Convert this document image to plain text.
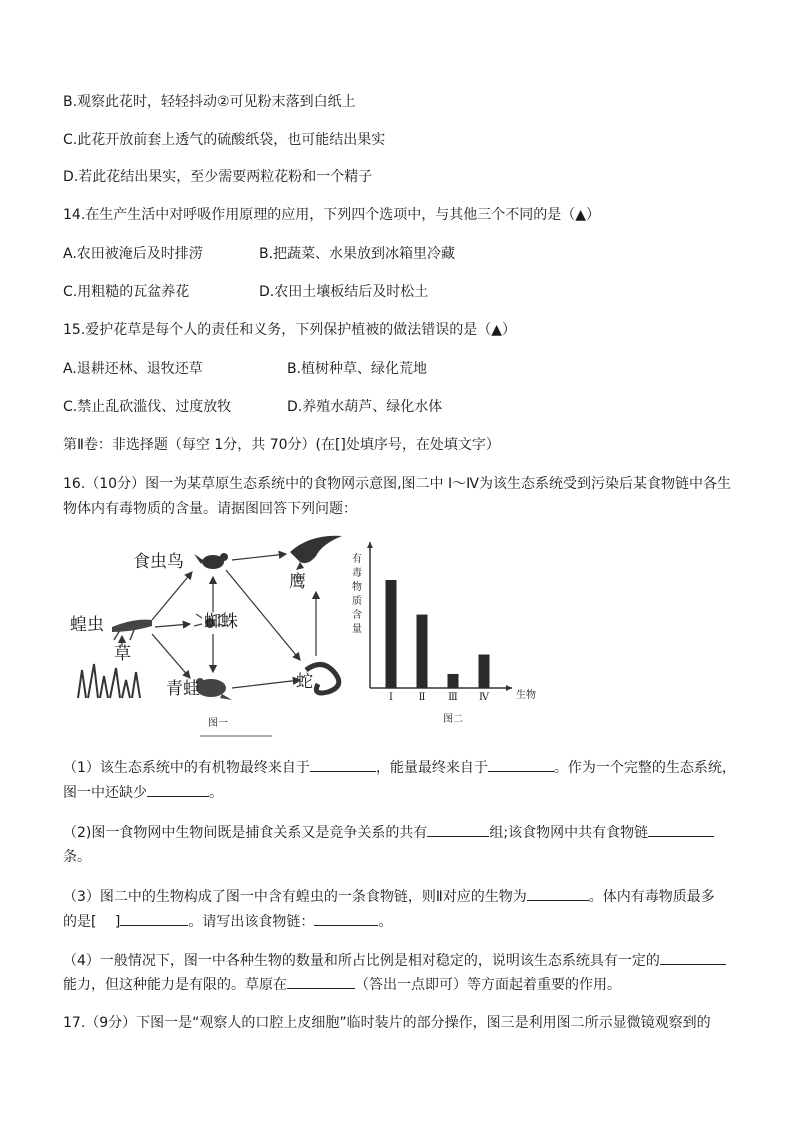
B.观察此花时，轻轻抖动②可见粉末落到白纸上
C.此花开放前套上透气的硫酸纸袋，也可能结出果实
D.若此花结出果实，至少需要两粒花粉和一个精子
14.在生产生活中对呼吸作用原理的应用，下列四个选项中，与其他三个不同的是（▲）
A.农田被淹后及时排涝	B.把蔬菜、水果放到冰箱里冷藏
C.用粗糙的瓦盆养花	D.农田土壤板结后及时松土
15.爱护花草是每个人的责任和义务，下列保护植被的做法错误的是（▲）
A.退耕还林、退牧还草	B.植树种草、绿化荒地
C.禁止乱砍滥伐、过度放牧	D.养殖水葫芦、绿化水体
第Ⅱ卷：非选择题（每空 1分，共 70分）(在[]处填序号，在处填文字）
16.（10分）图一为某草原生态系统中的食物网示意图,图二中 I～Ⅳ为该生态系统受到污染后某食物链中各生
物体内有毒物质的含量。请据图回答下列问题：
食虫鸟
鹰
蝗虫	蜘蛛
草
青蛙	蛇
图一
有毒物质含量
生物
Ⅰ	Ⅱ Ⅲ Ⅳ
图二
（1）该生态系统中的有机物最终来自于	，能量最终来自于	。作为一个完整的生态系统，
图一中还缺少	。
（2)图一食物网中生物间既是捕食关系又是竞争关系的共有	组;该食物网中共有食物链
条。
（3）图二中的生物构成了图一中含有蝗虫的一条食物链，则Ⅱ对应的生物为	。体内有毒物质最多
的是[　 ]	。请写出该食物链：	。
（4）一般情况下，图一中各种生物的数量和所占比例是相对稳定的，说明该生态系统具有一定的
能力，但这种能力是有限的。草原在	（答出一点即可）等方面起着重要的作用。
17.（9分）下图一是“观察人的口腔上皮细胞”临时装片的部分操作，图三是利用图二所示显微镜观察到的
